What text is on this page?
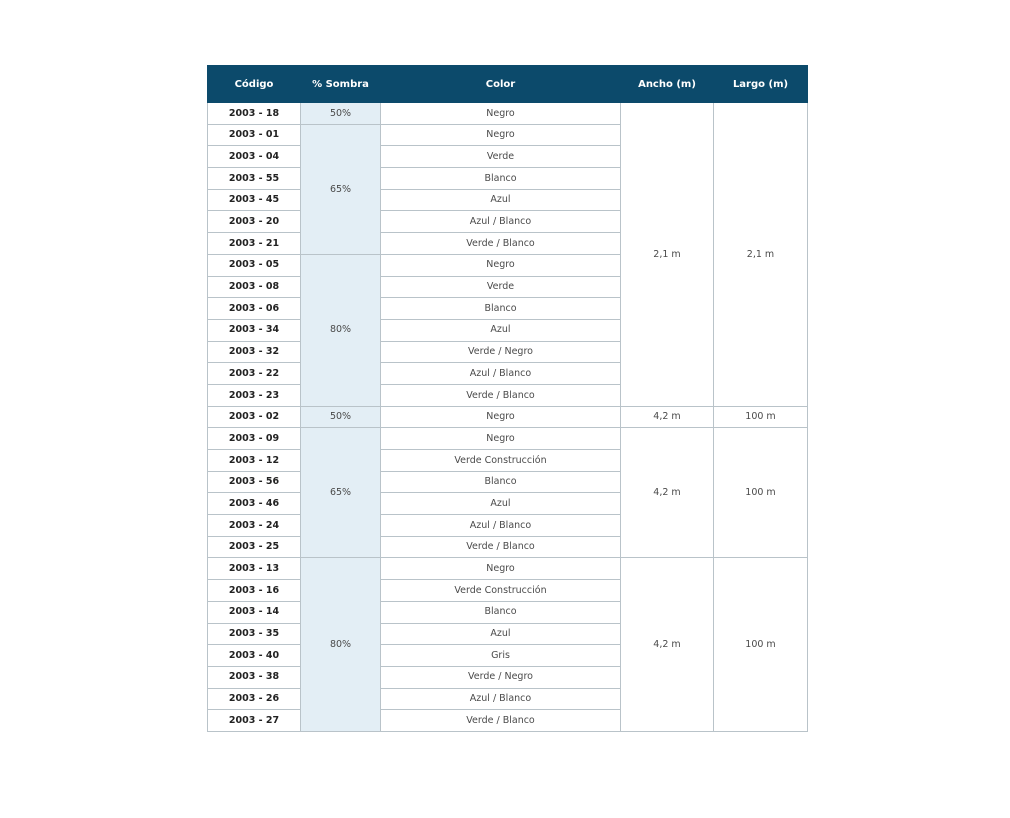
Código	% Sombra	Color	Ancho (m)	Largo (m)
2003 - 18	50%	Negro	2,1 m	2,1 m
2003 - 01	65%	Negro		
2003 - 04		Verde		
2003 - 55		Blanco		
2003 - 45		Azul		
2003 - 20		Azul / Blanco		
2003 - 21		Verde / Blanco		
2003 - 05	80%	Negro		
2003 - 08		Verde		
2003 - 06		Blanco		
2003 - 34		Azul		
2003 - 32		Verde / Negro		
2003 - 22		Azul / Blanco		
2003 - 23		Verde / Blanco		
2003 - 02	50%	Negro	4,2 m	100 m
2003 - 09	65%	Negro	4,2 m	100 m
2003 - 12		Verde Construcción		
2003 - 56		Blanco		
2003 - 46		Azul		
2003 - 24		Azul / Blanco		
2003 - 25		Verde / Blanco		
2003 - 13	80%	Negro	4,2 m	100 m
2003 - 16		Verde Construcción		
2003 - 14		Blanco		
2003 - 35		Azul		
2003 - 40		Gris		
2003 - 38		Verde / Negro		
2003 - 26		Azul / Blanco		
2003 - 27		Verde / Blanco		
